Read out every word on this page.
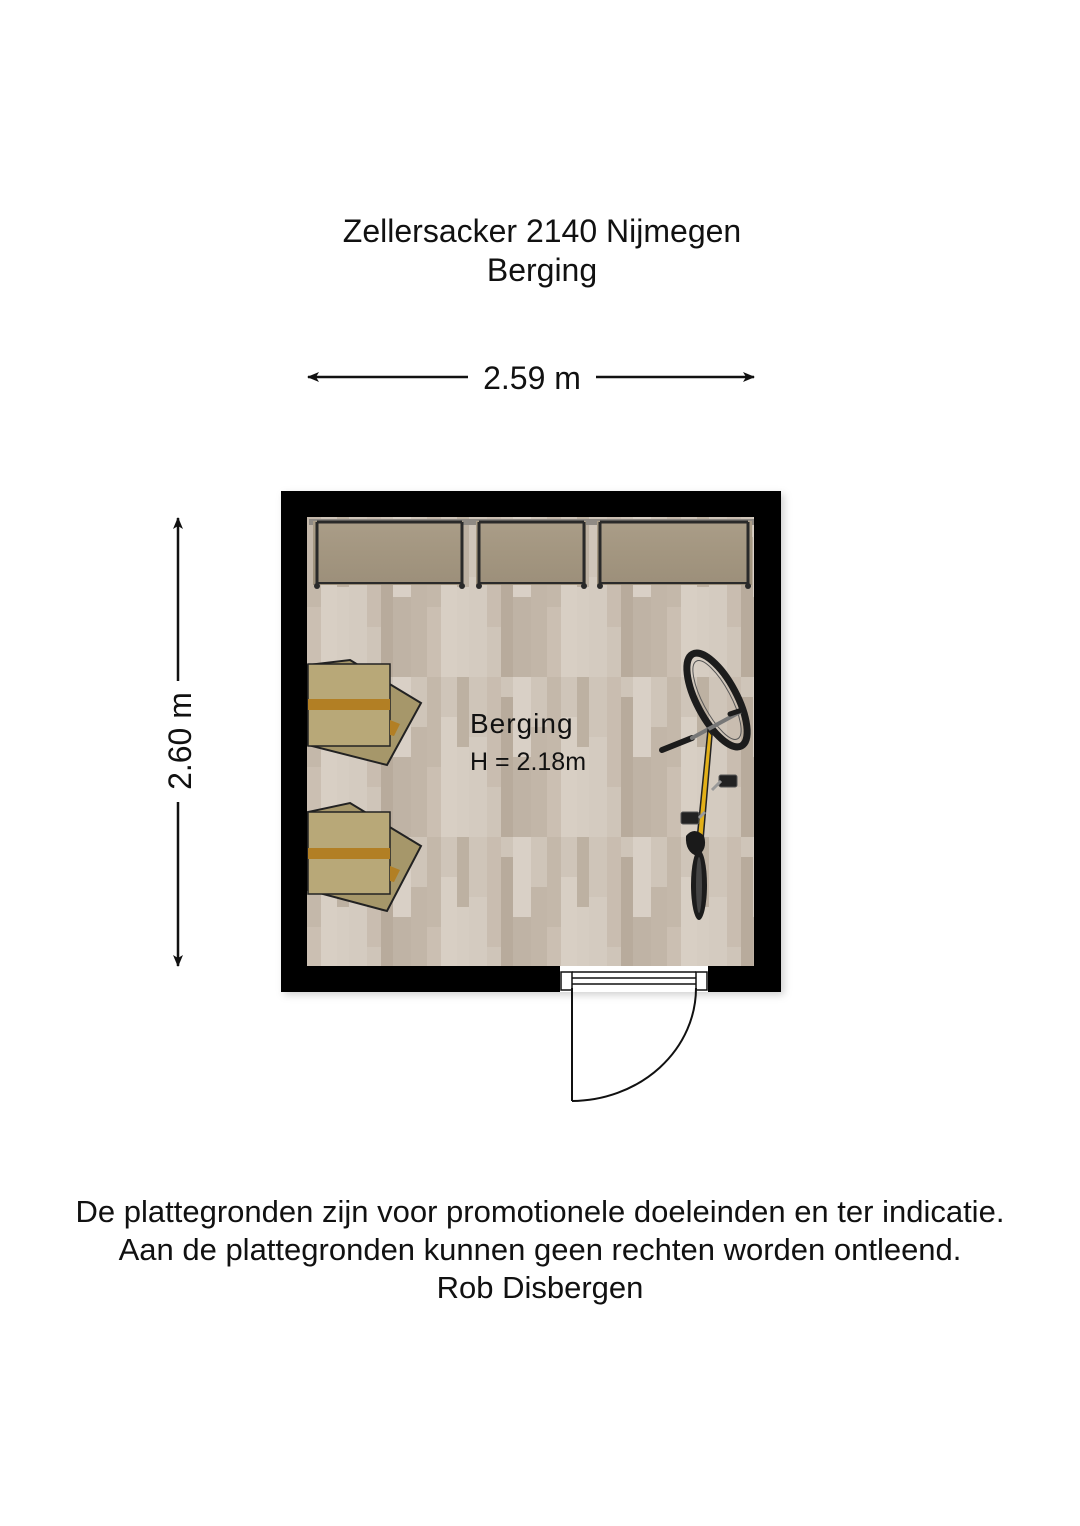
Zellersacker 2140 Nijmegen
Berging
2.59 m
2.60 m	Berging
H = 2.18m
De plattegronden zijn voor promotionele doeleinden en ter indicatie.
Aan de plattegronden kunnen geen rechten worden ontleend.
Rob Disbergen
